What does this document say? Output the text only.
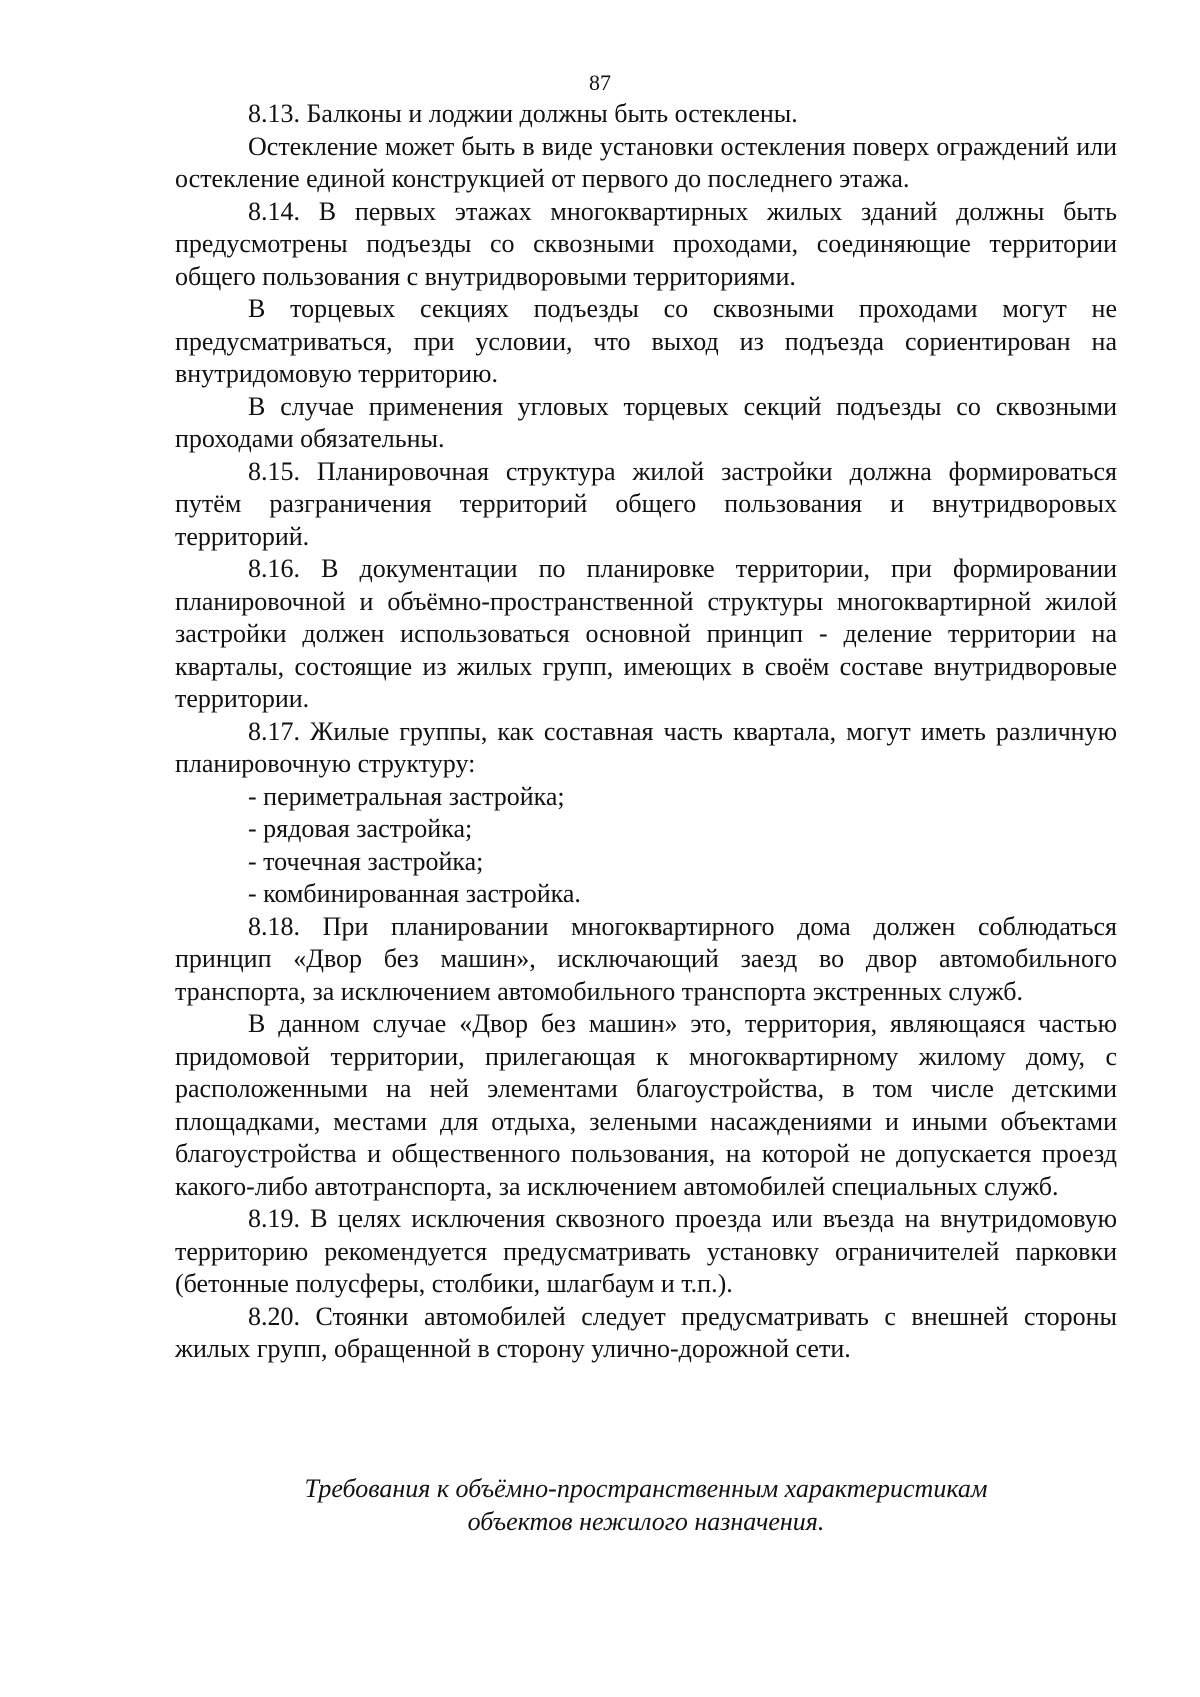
87

8.13. Балконы и лоджии должны быть остеклены.

Остекление может быть в виде установки остекления поверх ограждений или остекление единой конструкцией от первого до последнего этажа.

8.14. В первых этажах многоквартирных жилых зданий должны быть предусмотрены подъезды со сквозными проходами, соединяющие территории общего пользования с внутридворовыми территориями.

В торцевых секциях подъезды со сквозными проходами могут не предусматриваться, при условии, что выход из подъезда сориентирован на внутридомовую территорию.

В случае применения угловых торцевых секций подъезды со сквозными проходами обязательны.

8.15. Планировочная структура жилой застройки должна формироваться путём разграничения территорий общего пользования и внутридворовых территорий.

8.16. В документации по планировке территории, при формировании планировочной и объёмно-пространственной структуры многоквартирной жилой застройки должен использоваться основной принцип - деление территории на кварталы, состоящие из жилых групп, имеющих в своём составе внутридворовые территории.

8.17. Жилые группы, как составная часть квартала, могут иметь различную планировочную структуру:

- периметральная застройка;

- рядовая застройка;

- точечная застройка;

- комбинированная застройка.

8.18. При планировании многоквартирного дома должен соблюдаться принцип «Двор без машин», исключающий заезд во двор автомобильного транспорта, за исключением автомобильного транспорта экстренных служб.

В данном случае «Двор без машин» это, территория, являющаяся частью придомовой территории, прилегающая к многоквартирному жилому дому, с расположенными на ней элементами благоустройства, в том числе детскими площадками, местами для отдыха, зелеными насаждениями и иными объектами благоустройства и общественного пользования, на которой не допускается проезд какого-либо автотранспорта, за исключением автомобилей специальных служб.

8.19. В целях исключения сквозного проезда или въезда на внутридомовую территорию рекомендуется предусматривать установку ограничителей парковки (бетонные полусферы, столбики, шлагбаум и т.п.).

8.20. Стоянки автомобилей следует предусматривать с внешней стороны жилых групп, обращенной в сторону улично-дорожной сети.

Требования к объёмно-пространственным характеристикам
объектов нежилого назначения.
